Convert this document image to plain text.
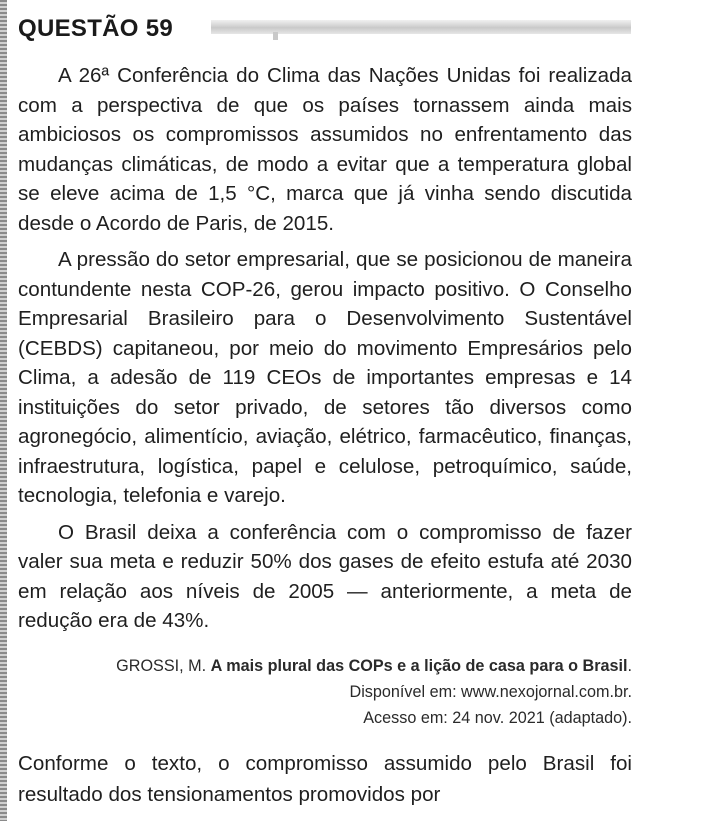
QUESTÃO 59

A 26ª Conferência do Clima das Nações Unidas foi realizada com a perspectiva de que os países tornassem ainda mais ambiciosos os compromissos assumidos no enfrentamento das mudanças climáticas, de modo a evitar que a temperatura global se eleve acima de 1,5 °C, marca que já vinha sendo discutida desde o Acordo de Paris, de 2015.

A pressão do setor empresarial, que se posicionou de maneira contundente nesta COP-26, gerou impacto positivo. O Conselho Empresarial Brasileiro para o Desenvolvimento Sustentável (CEBDS) capitaneou, por meio do movimento Empresários pelo Clima, a adesão de 119 CEOs de importantes empresas e 14 instituições do setor privado, de setores tão diversos como agronegócio, alimentício, aviação, elétrico, farmacêutico, finanças, infraestrutura, logística, papel e celulose, petroquímico, saúde, tecnologia, telefonia e varejo.

O Brasil deixa a conferência com o compromisso de fazer valer sua meta e reduzir 50% dos gases de efeito estufa até 2030 em relação aos níveis de 2005 — anteriormente, a meta de redução era de 43%.

GROSSI, M. A mais plural das COPs e a lição de casa para o Brasil.
Disponível em: www.nexojornal.com.br.
Acesso em: 24 nov. 2021 (adaptado).

Conforme o texto, o compromisso assumido pelo Brasil foi resultado dos tensionamentos promovidos por
